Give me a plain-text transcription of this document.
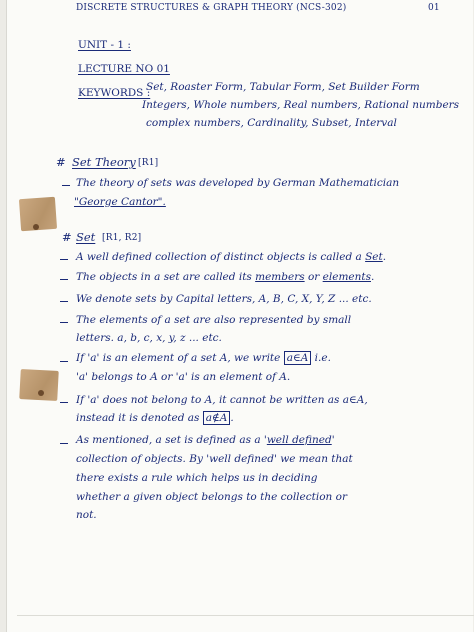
DISCRETE STRUCTURES & GRAPH THEORY (NCS-302)	01
UNIT - 1 :
LECTURE NO 01
KEYWORDS :
Set, Roaster Form, Tabular Form, Set Builder Form
Integers, Whole numbers, Real numbers, Rational numbers
complex numbers, Cardinality, Subset, Interval
# Set Theory [R1]
The theory of sets was developed by German Mathematician
"George Cantor".
# Set [R1, R2]
A well defined collection of distinct objects is called a Set.
The objects in a set are called its members or elements.
We denote sets by Capital letters, A, B, C, X, Y, Z ... etc.
The elements of a set are also represented by small
letters. a, b, c, x, y, z ... etc.
If 'a' is an element of a set A, we write a∈A i.e.
'a' belongs to A or 'a' is an element of A.
If 'a' does not belong to A, it cannot be written as a∈A,
instead it is denoted as a∉A .
As mentioned, a set is defined as a 'well defined'
collection of objects. By 'well defined' we mean that
there exists a rule which helps us in deciding
whether a given object belongs to the collection or
not.
